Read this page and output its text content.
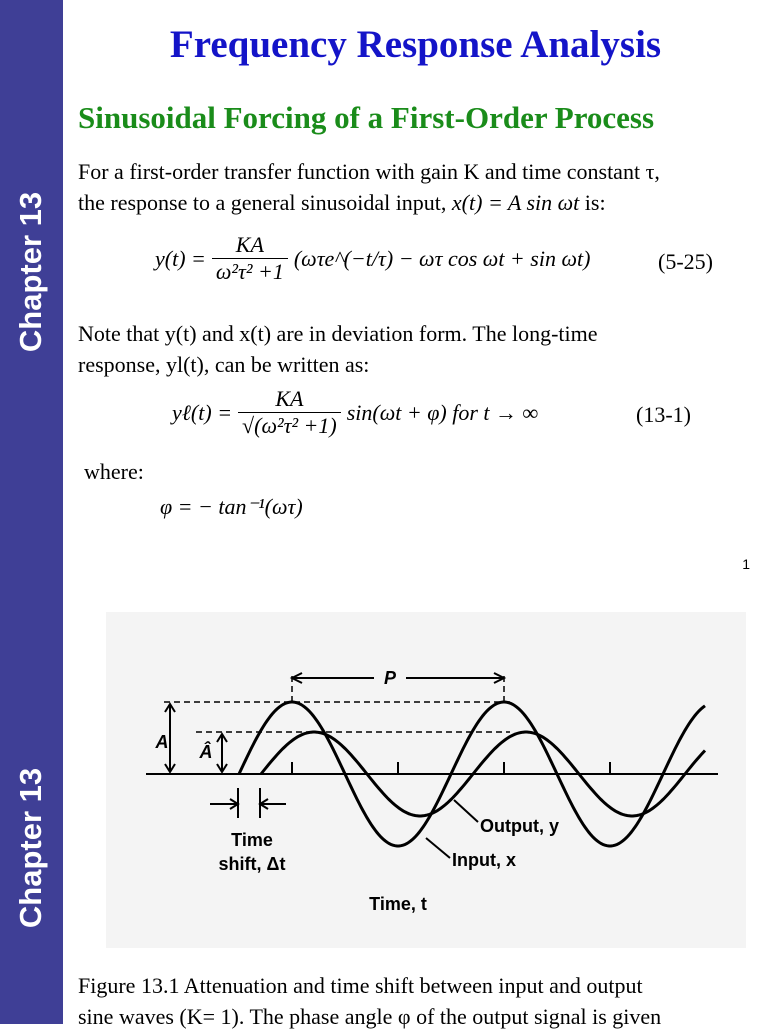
Chapter 13
Chapter 13
Frequency Response Analysis
Sinusoidal Forcing of a First-Order Process
For a first-order transfer function with gain K and time constant τ,
the response to a general sinusoidal input, x(t) = A sin ωt is:
$y(t) = \frac{KA}{\text{ω²τ² +1}}$ (ωτe^(−t/τ) − ωτ cos ωt + sin ωt)	(5-25)
Note that y(t) and x(t) are in deviation form. The long-time
response, yl(t), can be written as:
yℓ(t) = $\frac{KA}{\text{√(ω²τ² +1)}} \sin(\omega t + \varphi)$ for t → ∞	(13-1)
where:
φ = − tan⁻¹(ωτ)
1
P
A Â
Time
shift, Δt
Output, y
Input, x
Time, t
Figure 13.1 Attenuation and time shift between input and output
sine waves (K= 1). The phase angle φ of the output signal is given
